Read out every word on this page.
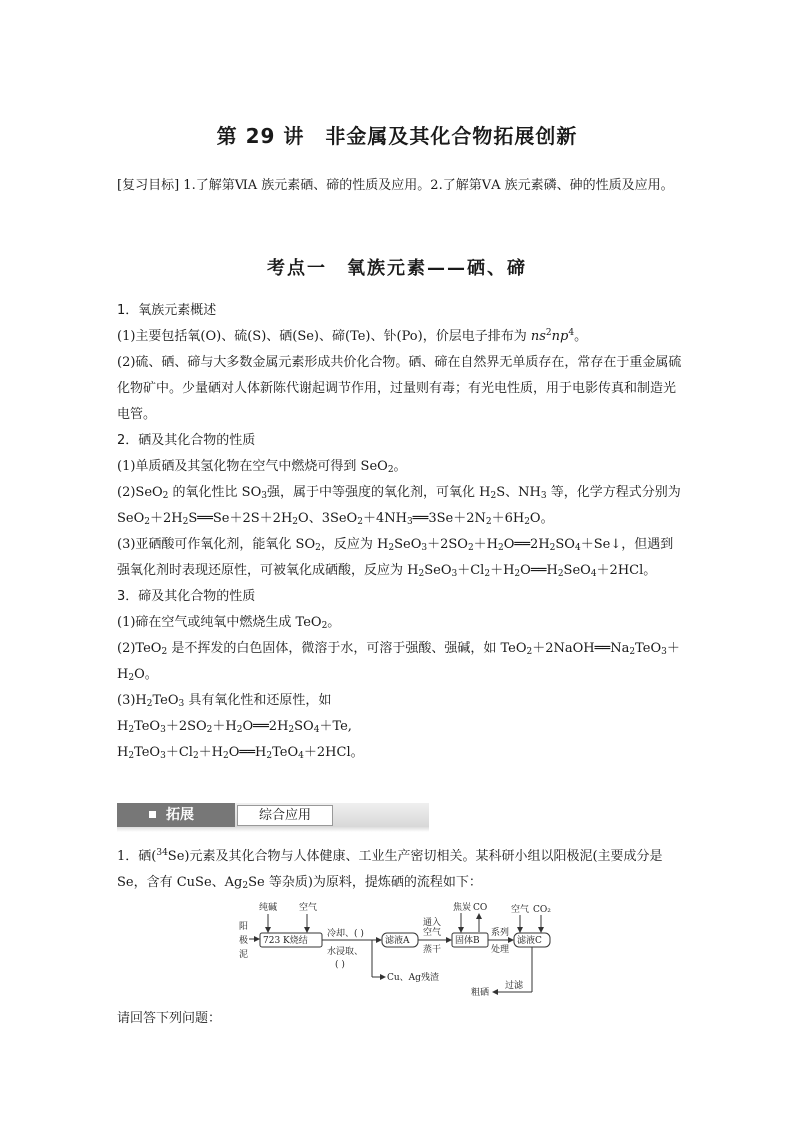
第 29 讲　非金属及其化合物拓展创新
[复习目标] 1.了解第ⅥA 族元素硒、碲的性质及应用。2.了解第ⅤA 族元素磷、砷的性质及应用。
考点一　氧族元素——硒、碲

1．氧族元素概述

(1)主要包括氧(O)、硫(S)、硒(Se)、碲(Te)、钋(Po)，价层电子排布为 $ns^2np^4$。

(2)硫、硒、碲与大多数金属元素形成共价化合物。硒、碲在自然界无单质存在，常存在于重金属硫化物矿中。少量硒对人体新陈代谢起调节作用，过量则有毒；有光电性质，用于电影传真和制造光电管。

2．硒及其化合物的性质

(1)单质硒及其氢化物在空气中燃烧可得到 SeO$_2$。

(2)SeO$_2$ 的氧化性比 $SO_3$强，属于中等强度的氧化剂，可氧化 $H_2S$、$NH_3$ 等，化学方程式分别为 $SeO_2+2H_2S══Se+2S+2H_2O$、$3SeO_2+4NH_3══3Se+2N_2+6H_2O$。

(3)亚硒酸可作氧化剂，能氧化 $SO_2$，反应为 $H_2SeO_3+2SO_2+H_2O══2H_2SO_4+Se↓$，但遇到强氧化剂时表现还原性，可被氧化成硒酸，反应为 $H_2SeO_3+Cl_2+H_2O══H_2SeO_4+2HCl$。

3．碲及其化合物的性质

(1)碲在空气或纯氧中燃烧生成 TeO$_2$。

(2)TeO$_2$ 是不挥发的白色固体，微溶于水，可溶于强酸、强碱，如 $TeO_2+2NaOH══Na_2TeO_3+H_2O$。

$(3)H_2TeO_3$ 具有氧化性和还原性，如

$H_2TeO_3+2SO_2+H_2O══2H_2SO_4+Te$,

$H_2TeO_3+Cl_2+H_2O══H_2TeO_4+2HCl$。

拓展	综合应用

1．硒($^{34}$Se)元素及其化合物与人体健康、工业生产密切相关。某科研小组以阳极泥(主要成分是 Se，含有 CuSe、$Ag_2Se$ 等杂质)为原料，提炼硒的流程如下：

纯碱 空气
阳
极
泥
723 K烧结
冷却、( )
水浸取、
( )
Cu、Ag残渣
滤液A
通入
空气
蒸干
焦炭 CO
固体B
系列
处理
空气 CO₂
滤液C
过滤
粗硒
请回答下列问题：
